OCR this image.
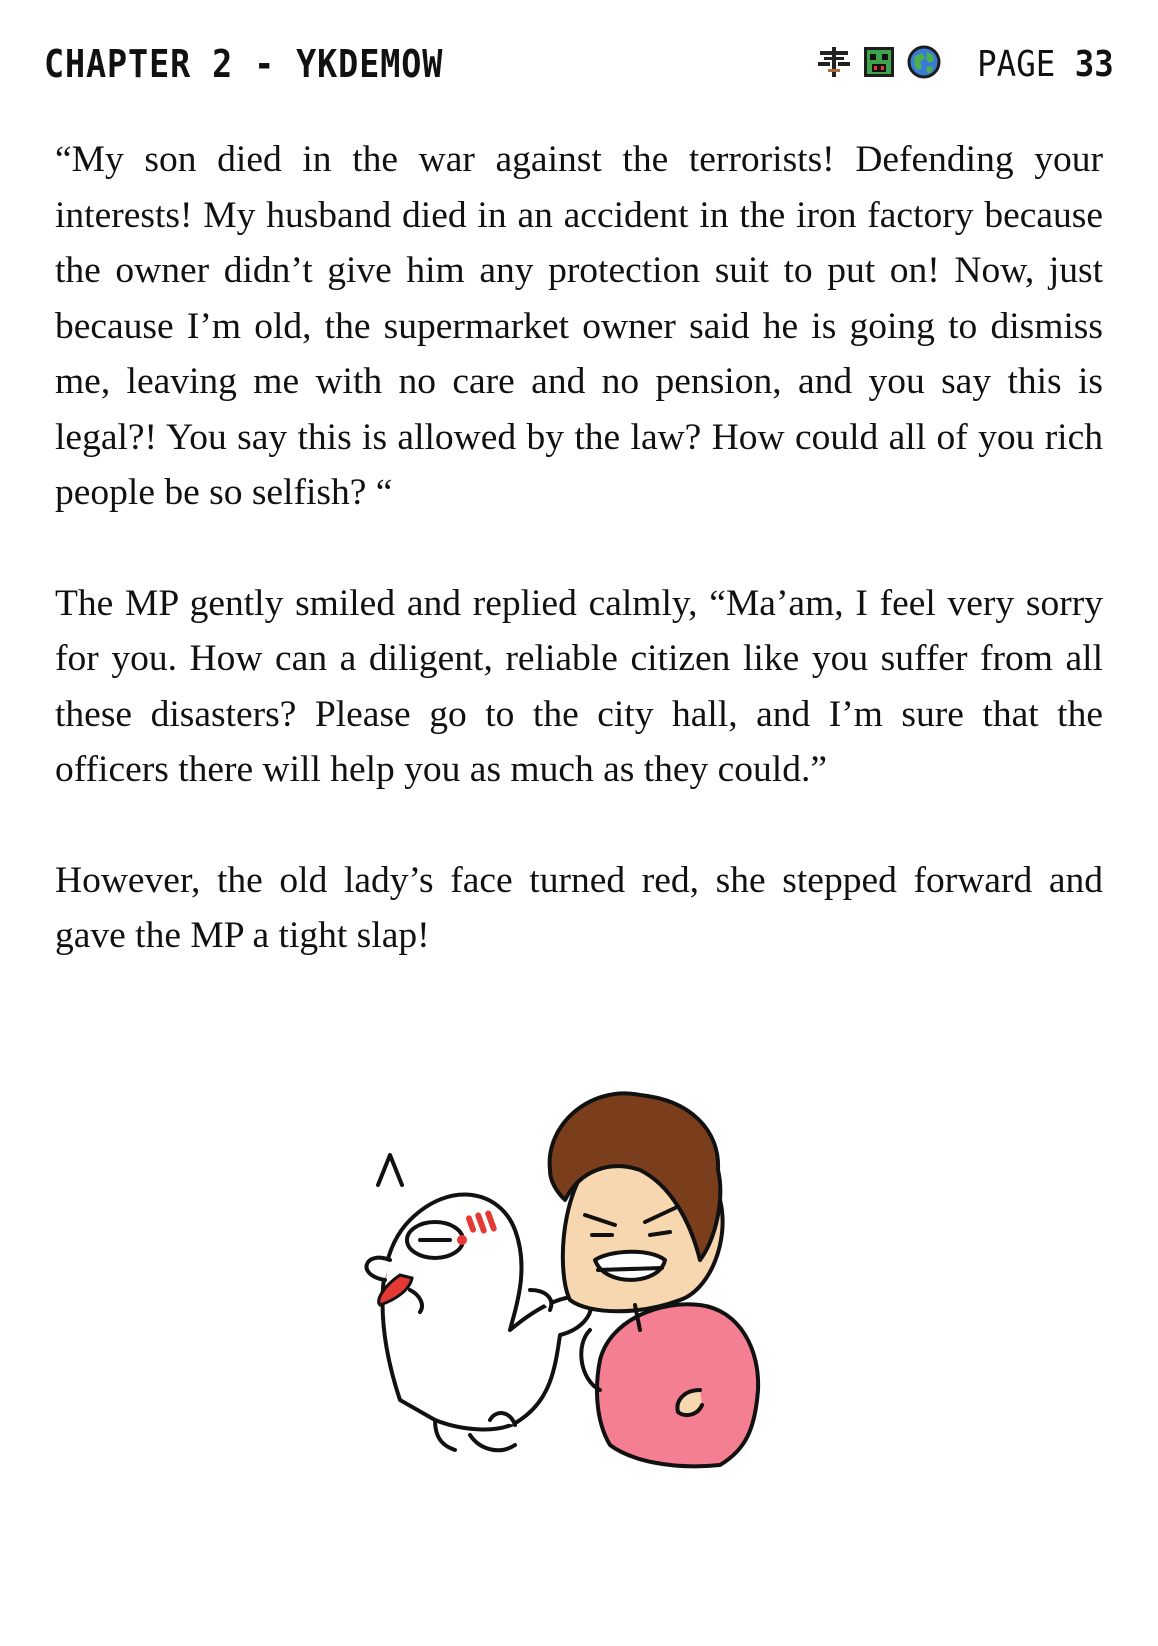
CHAPTER 2 - YKDEMOW	PAGE 33

“My son died in the war against the terrorists! Defending your interests! My husband died in an accident in the iron factory because the owner didn’t give him any protection suit to put on! Now, just because I’m old, the supermarket owner said he is going to dismiss me, leaving me with no care and no pension, and you say this is legal?! You say this is allowed by the law? How could all of you rich people be so selfish? “

The MP gently smiled and replied calmly, “Ma’am, I feel very sorry for you. How can a diligent, reliable citizen like you suffer from all these disasters? Please go to the city hall, and I’m sure that the officers there will help you as much as they could.”

However, the old lady’s face turned red, she stepped forward and gave the MP a tight slap!
